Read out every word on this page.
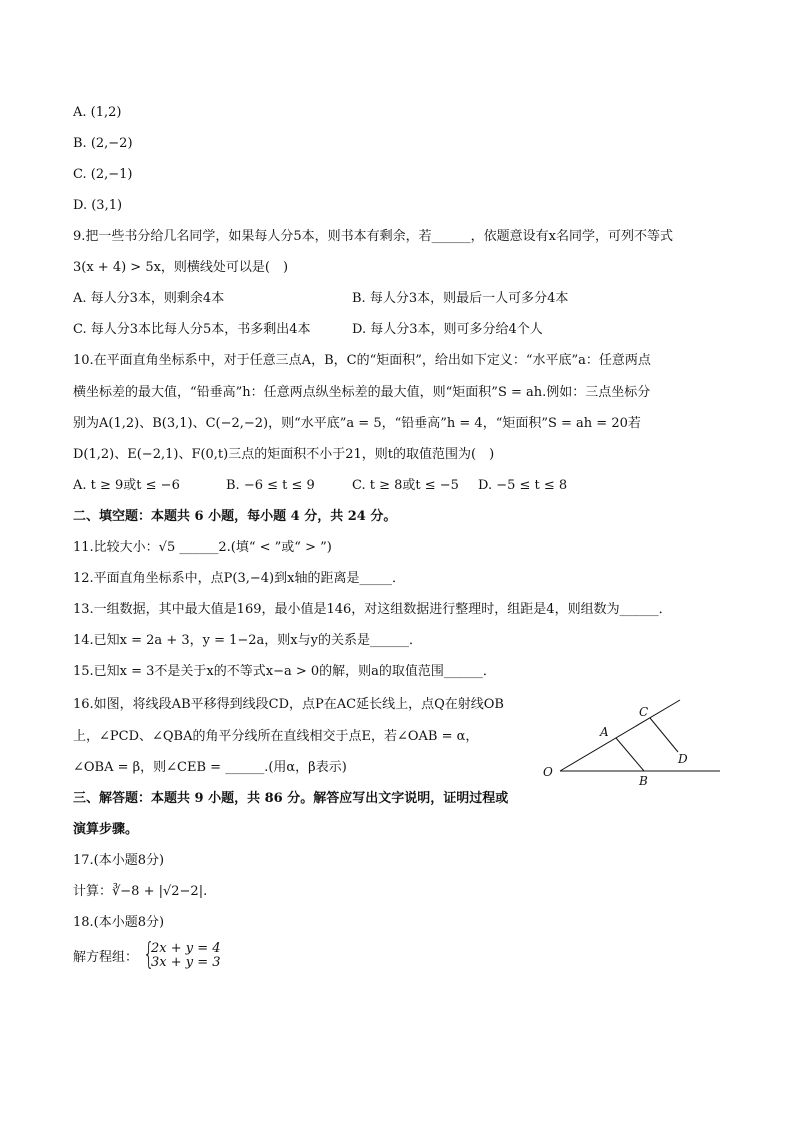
A. (1,2)
B. (2,−2)
C. (2,−1)
D. (3,1)
9.把一些书分给几名同学，如果每人分5本，则书本有剩余，若______，依题意设有x名同学，可列不等式
3(x + 4) > 5x，则横线处可以是(　)
A. 每人分3本，则剩余4本	B. 每人分3本，则最后一人可多分4本
C. 每人分3本比每人分5本，书多剩出4本	D. 每人分3本，则可多分给4个人
10.在平面直角坐标系中，对于任意三点A，B，C的“矩面积”，给出如下定义：“水平底”a：任意两点
横坐标差的最大值，“铅垂高”h：任意两点纵坐标差的最大值，则“矩面积”S = ah.例如：三点坐标分
别为A(1,2)、B(3,1)、C(−2,−2)，则“水平底”a = 5，“铅垂高”h = 4，“矩面积”S = ah = 20若
D(1,2)、E(−2,1)、F(0,t)三点的矩面积不小于21，则t的取值范围为(　)
A. t ≥ 9或t ≤ −6	B. −6 ≤ t ≤ 9	C. t ≥ 8或t ≤ −5 D. −5 ≤ t ≤ 8
二、填空题：本题共 6 小题，每小题 4 分，共 24 分。
11.比较大小：√5 ______2.(填“ < ”或“ > ”)
12.平面直角坐标系中，点P(3,−4)到x轴的距离是_____．
13.一组数据，其中最大值是169，最小值是146，对这组数据进行整理时，组距是4，则组数为______．
14.已知x = 2a + 3，y = 1−2a，则x与y的关系是______．
15.已知x = 3不是关于x的不等式x−a > 0的解，则a的取值范围______．
16.如图，将线段AB平移得到线段CD，点P在AC延长线上，点Q在射线OB
上，∠PCD、∠QBA的角平分线所在直线相交于点E，若∠OAB = α，
∠OBA = β，则∠CEB = ______.(用α，β表示)	O
A
B
C
D
三、解答题：本题共 9 小题，共 86 分。解答应写出文字说明，证明过程或
演算步骤。
17.(本小题8分)
计算：∛−8 + |√2−2|.
18.(本小题8分)
解方程组： {
2x + y = 4
3x + y = 3
